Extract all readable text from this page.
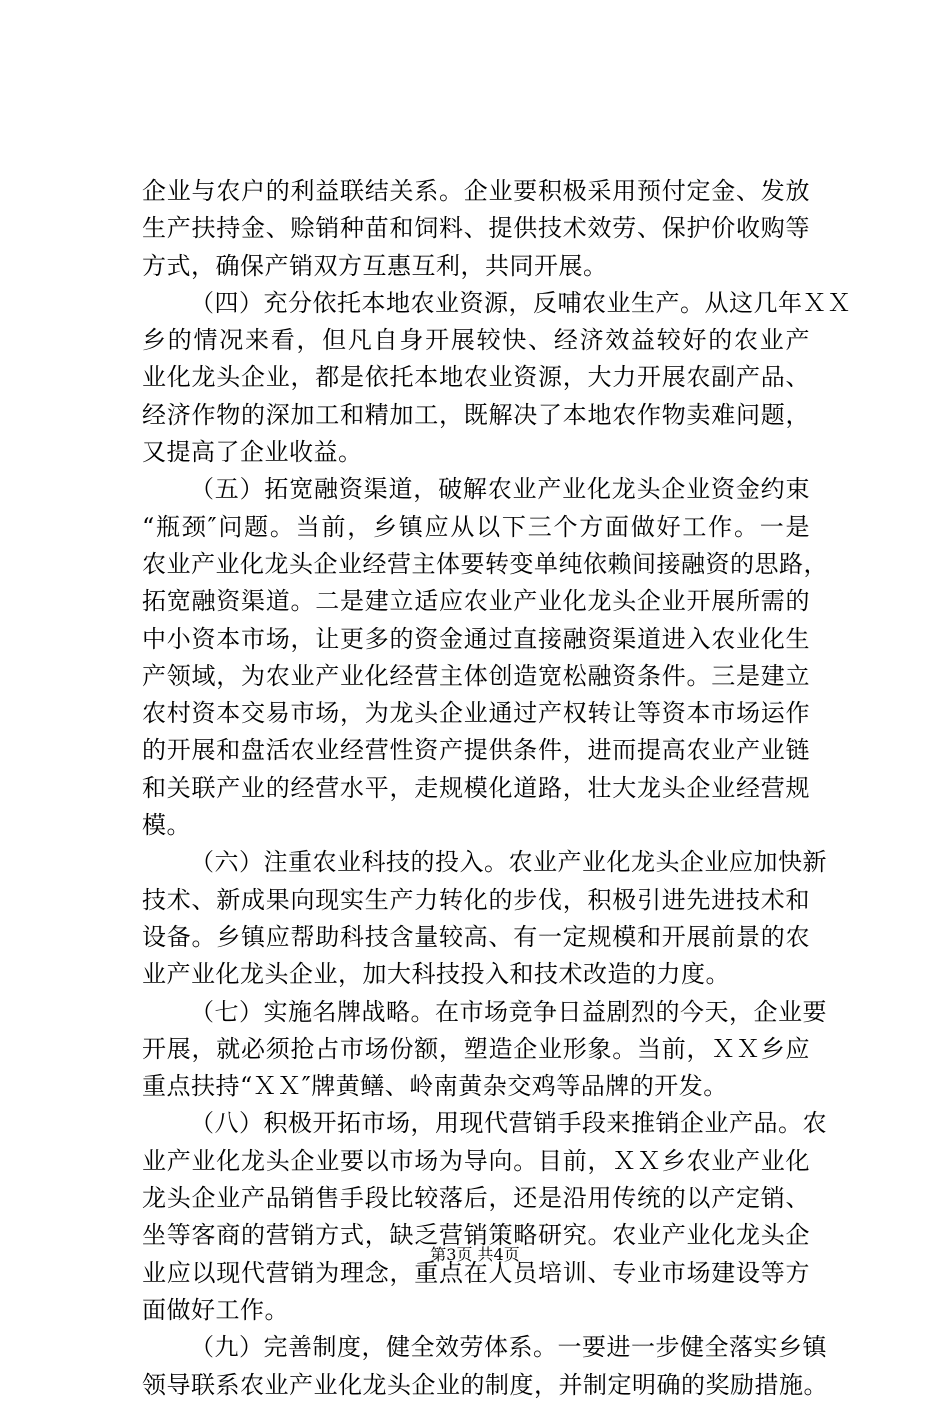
企业与农户的利益联结关系。企业要积极采用预付定金、发放
生产扶持金、赊销种苗和饲料、提供技术效劳、保护价收购等
方式，确保产销双方互惠互利，共同开展。
（四）充分依托本地农业资源，反哺农业生产。从这几年ＸＸ
乡的情况来看，但凡自身开展较快、经济效益较好的农业产
业化龙头企业，都是依托本地农业资源，大力开展农副产品、
经济作物的深加工和精加工，既解决了本地农作物卖难问题，
又提高了企业收益。
（五）拓宽融资渠道，破解农业产业化龙头企业资金约束
“瓶颈″问题。当前，乡镇应从以下三个方面做好工作。一是
农业产业化龙头企业经营主体要转变单纯依赖间接融资的思路，
拓宽融资渠道。二是建立适应农业产业化龙头企业开展所需的
中小资本市场，让更多的资金通过直接融资渠道进入农业化生
产领域，为农业产业化经营主体创造宽松融资条件。三是建立
农村资本交易市场，为龙头企业通过产权转让等资本市场运作
的开展和盘活农业经营性资产提供条件，进而提高农业产业链
和关联产业的经营水平，走规模化道路，壮大龙头企业经营规
模。
（六）注重农业科技的投入。农业产业化龙头企业应加快新
技术、新成果向现实生产力转化的步伐，积极引进先进技术和
设备。乡镇应帮助科技含量较高、有一定规模和开展前景的农
业产业化龙头企业，加大科技投入和技术改造的力度。
（七）实施名牌战略。在市场竞争日益剧烈的今天，企业要
开展，就必须抢占市场份额，塑造企业形象。当前，ＸＸ乡应
重点扶持“ＸＸ″牌黄鳝、岭南黄杂交鸡等品牌的开发。
（八）积极开拓市场，用现代营销手段来推销企业产品。农
业产业化龙头企业要以市场为导向。目前，ＸＸ乡农业产业化
龙头企业产品销售手段比较落后，还是沿用传统的以产定销、
坐等客商的营销方式，缺乏营销策略研究。农业产业化龙头企
业应以现代营销为理念，重点在人员培训、专业市场建设等方
面做好工作。
（九）完善制度，健全效劳体系。一要进一步健全落实乡镇
领导联系农业产业化龙头企业的制度，并制定明确的奖励措施。
第3页 共4页
